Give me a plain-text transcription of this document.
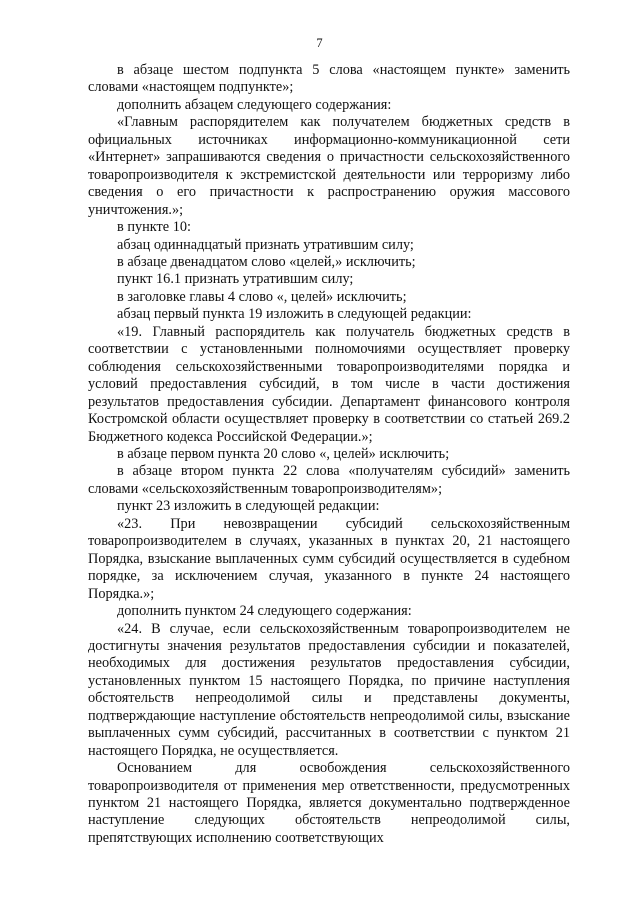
7

в абзаце шестом подпункта 5 слова «настоящем пункте» заменить словами «настоящем подпункте»;

дополнить абзацем следующего содержания:

«Главным распорядителем как получателем бюджетных средств в официальных источниках информационно-коммуникационной сети «Интернет» запрашиваются сведения о причастности сельскохозяйственного товаропроизводителя к экстремистской деятельности или терроризму либо сведения о его причастности к распространению оружия массового уничтожения.»;

в пункте 10:

абзац одиннадцатый признать утратившим силу;

в абзаце двенадцатом слово «целей,» исключить;

пункт 16.1 признать утратившим силу;

в заголовке главы 4 слово «, целей» исключить;

абзац первый пункта 19 изложить в следующей редакции:

«19. Главный распорядитель как получатель бюджетных средств в соответствии с установленными полномочиями осуществляет проверку соблюдения сельскохозяйственными товаропроизводителями порядка и условий предоставления субсидий, в том числе в части достижения результатов предоставления субсидии. Департамент финансового контроля Костромской области осуществляет проверку в соответствии со статьей 269.2 Бюджетного кодекса Российской Федерации.»;

в абзаце первом пункта 20 слово «, целей» исключить;

в абзаце втором пункта 22 слова «получателям субсидий» заменить словами «сельскохозяйственным товаропроизводителям»;

пункт 23 изложить в следующей редакции:

«23. При невозвращении субсидий сельскохозяйственным товаропроизводителем в случаях, указанных в пунктах 20, 21 настоящего Порядка, взыскание выплаченных сумм субсидий осуществляется в судебном порядке, за исключением случая, указанного в пункте 24 настоящего Порядка.»;

дополнить пунктом 24 следующего содержания:

«24. В случае, если сельскохозяйственным товаропроизводителем не достигнуты значения результатов предоставления субсидии и показателей, необходимых для достижения результатов предоставления субсидии, установленных пунктом 15 настоящего Порядка, по причине наступления обстоятельств непреодолимой силы и представлены документы, подтверждающие наступление обстоятельств непреодолимой силы, взыскание выплаченных сумм субсидий, рассчитанных в соответствии с пунктом 21 настоящего Порядка, не осуществляется.

Основанием для освобождения сельскохозяйственного товаропроизводителя от применения мер ответственности, предусмотренных пунктом 21 настоящего Порядка, является документально подтвержденное наступление следующих обстоятельств непреодолимой силы, препятствующих исполнению соответствующих
